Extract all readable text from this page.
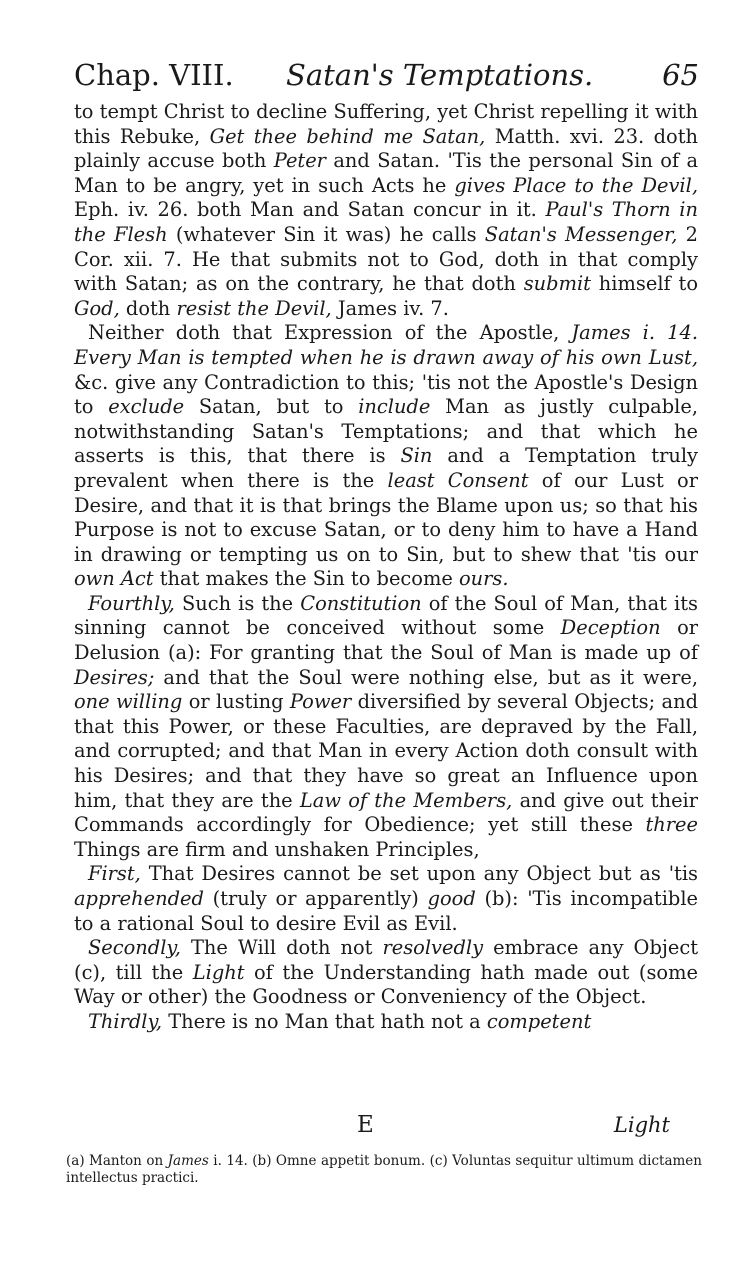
Chap. VIII. Satan's Temptations. 65

to tempt Christ to decline Suffering, yet Christ repelling it with this Rebuke, Get thee behind me Satan, Matth. xvi. 23. doth plainly accuse both Peter and Satan. 'Tis the personal Sin of a Man to be angry, yet in such Acts he gives Place to the Devil, Eph. iv. 26. both Man and Satan concur in it. Paul's Thorn in the Flesh (whatever Sin it was) he calls Satan's Messenger, 2 Cor. xii. 7. He that submits not to God, doth in that comply with Satan; as on the contrary, he that doth submit himself to God, doth resist the Devil, James iv. 7.

Neither doth that Expression of the Apostle, James i. 14. Every Man is tempted when he is drawn away of his own Lust, &c. give any Contradiction to this; 'tis not the Apostle's Design to exclude Satan, but to include Man as justly culpable, notwithstanding Satan's Temptations; and that which he asserts is this, that there is Sin and a Temptation truly prevalent when there is the least Consent of our Lust or Desire, and that it is that brings the Blame upon us; so that his Purpose is not to excuse Satan, or to deny him to have a Hand in drawing or tempting us on to Sin, but to shew that 'tis our own Act that makes the Sin to become ours.

Fourthly, Such is the Constitution of the Soul of Man, that its sinning cannot be conceived without some Deception or Delusion (a): For granting that the Soul of Man is made up of Desires; and that the Soul were nothing else, but as it were, one willing or lusting Power diversified by several Objects; and that this Power, or these Faculties, are depraved by the Fall, and corrupted; and that Man in every Action doth consult with his Desires; and that they have so great an Influence upon him, that they are the Law of the Members, and give out their Commands accordingly for Obedience; yet still these three Things are firm and unshaken Principles,

First, That Desires cannot be set upon any Object but as 'tis apprehended (truly or apparently) good (b): 'Tis incompatible to a rational Soul to desire Evil as Evil.

Secondly, The Will doth not resolvedly embrace any Object (c), till the Light of the Understanding hath made out (some Way or other) the Goodness or Conveniency of the Object.

Thirdly, There is no Man that hath not a competent

E	Light
(a) Manton on James i. 14. (b) Omne appetit bonum. (c) Voluntas sequitur ultimum dictamen intellectus practici.
